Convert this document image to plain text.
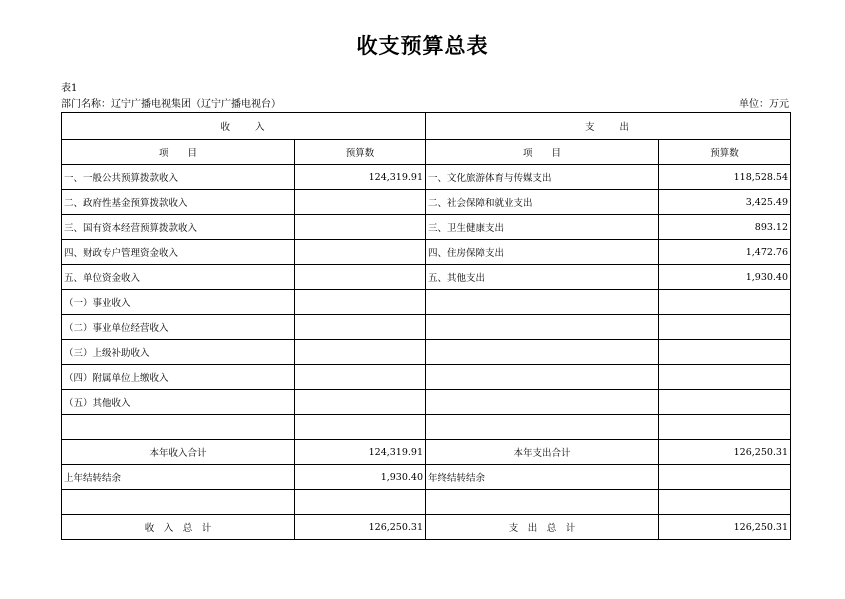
收支预算总表
表1
部门名称：辽宁广播电视集团（辽宁广播电视台）	单位：万元
收　　入		支　　出	
项　　目	预算数	项　　目	预算数
一、一般公共预算拨款收入	124,319.91	一、文化旅游体育与传媒支出	118,528.54
二、政府性基金预算拨款收入		二、社会保障和就业支出	3,425.49
三、国有资本经营预算拨款收入		三、卫生健康支出	893.12
四、财政专户管理资金收入		四、住房保障支出	1,472.76
五、单位资金收入		五、其他支出	1,930.40
（一）事业收入			
（二）事业单位经营收入			
（三）上级补助收入			
（四）附属单位上缴收入			
（五）其他收入			

本年收入合计	124,319.91	本年支出合计	126,250.31
上年结转结余	1,930.40	年终结转结余	

收　入　总　计	126,250.31	支　出　总　计	126,250.31
